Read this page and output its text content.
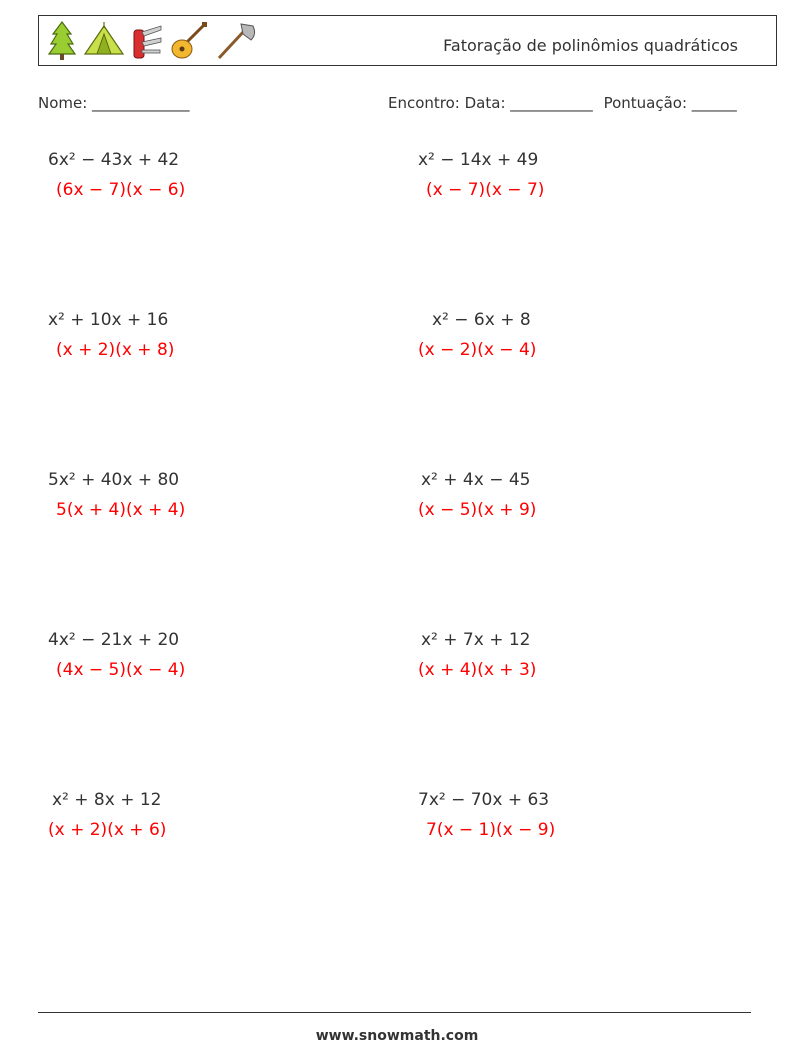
Fatoração de polinômios quadráticos
Nome: _____________	Encontro: Data: ___________ Pontuação: ______
6x² − 43x + 42
(6x − 7)(x − 6)
x² − 14x + 49
(x − 7)(x − 7)
x² + 10x + 16
(x + 2)(x + 8)
x² − 6x + 8
(x − 2)(x − 4)
5x² + 40x + 80
5(x + 4)(x + 4)
x² + 4x − 45
(x − 5)(x + 9)
4x² − 21x + 20
(4x − 5)(x − 4)
x² + 7x + 12
(x + 4)(x + 3)
x² + 8x + 12
(x + 2)(x + 6)
7x² − 70x + 63
7(x − 1)(x − 9)
www.snowmath.com
